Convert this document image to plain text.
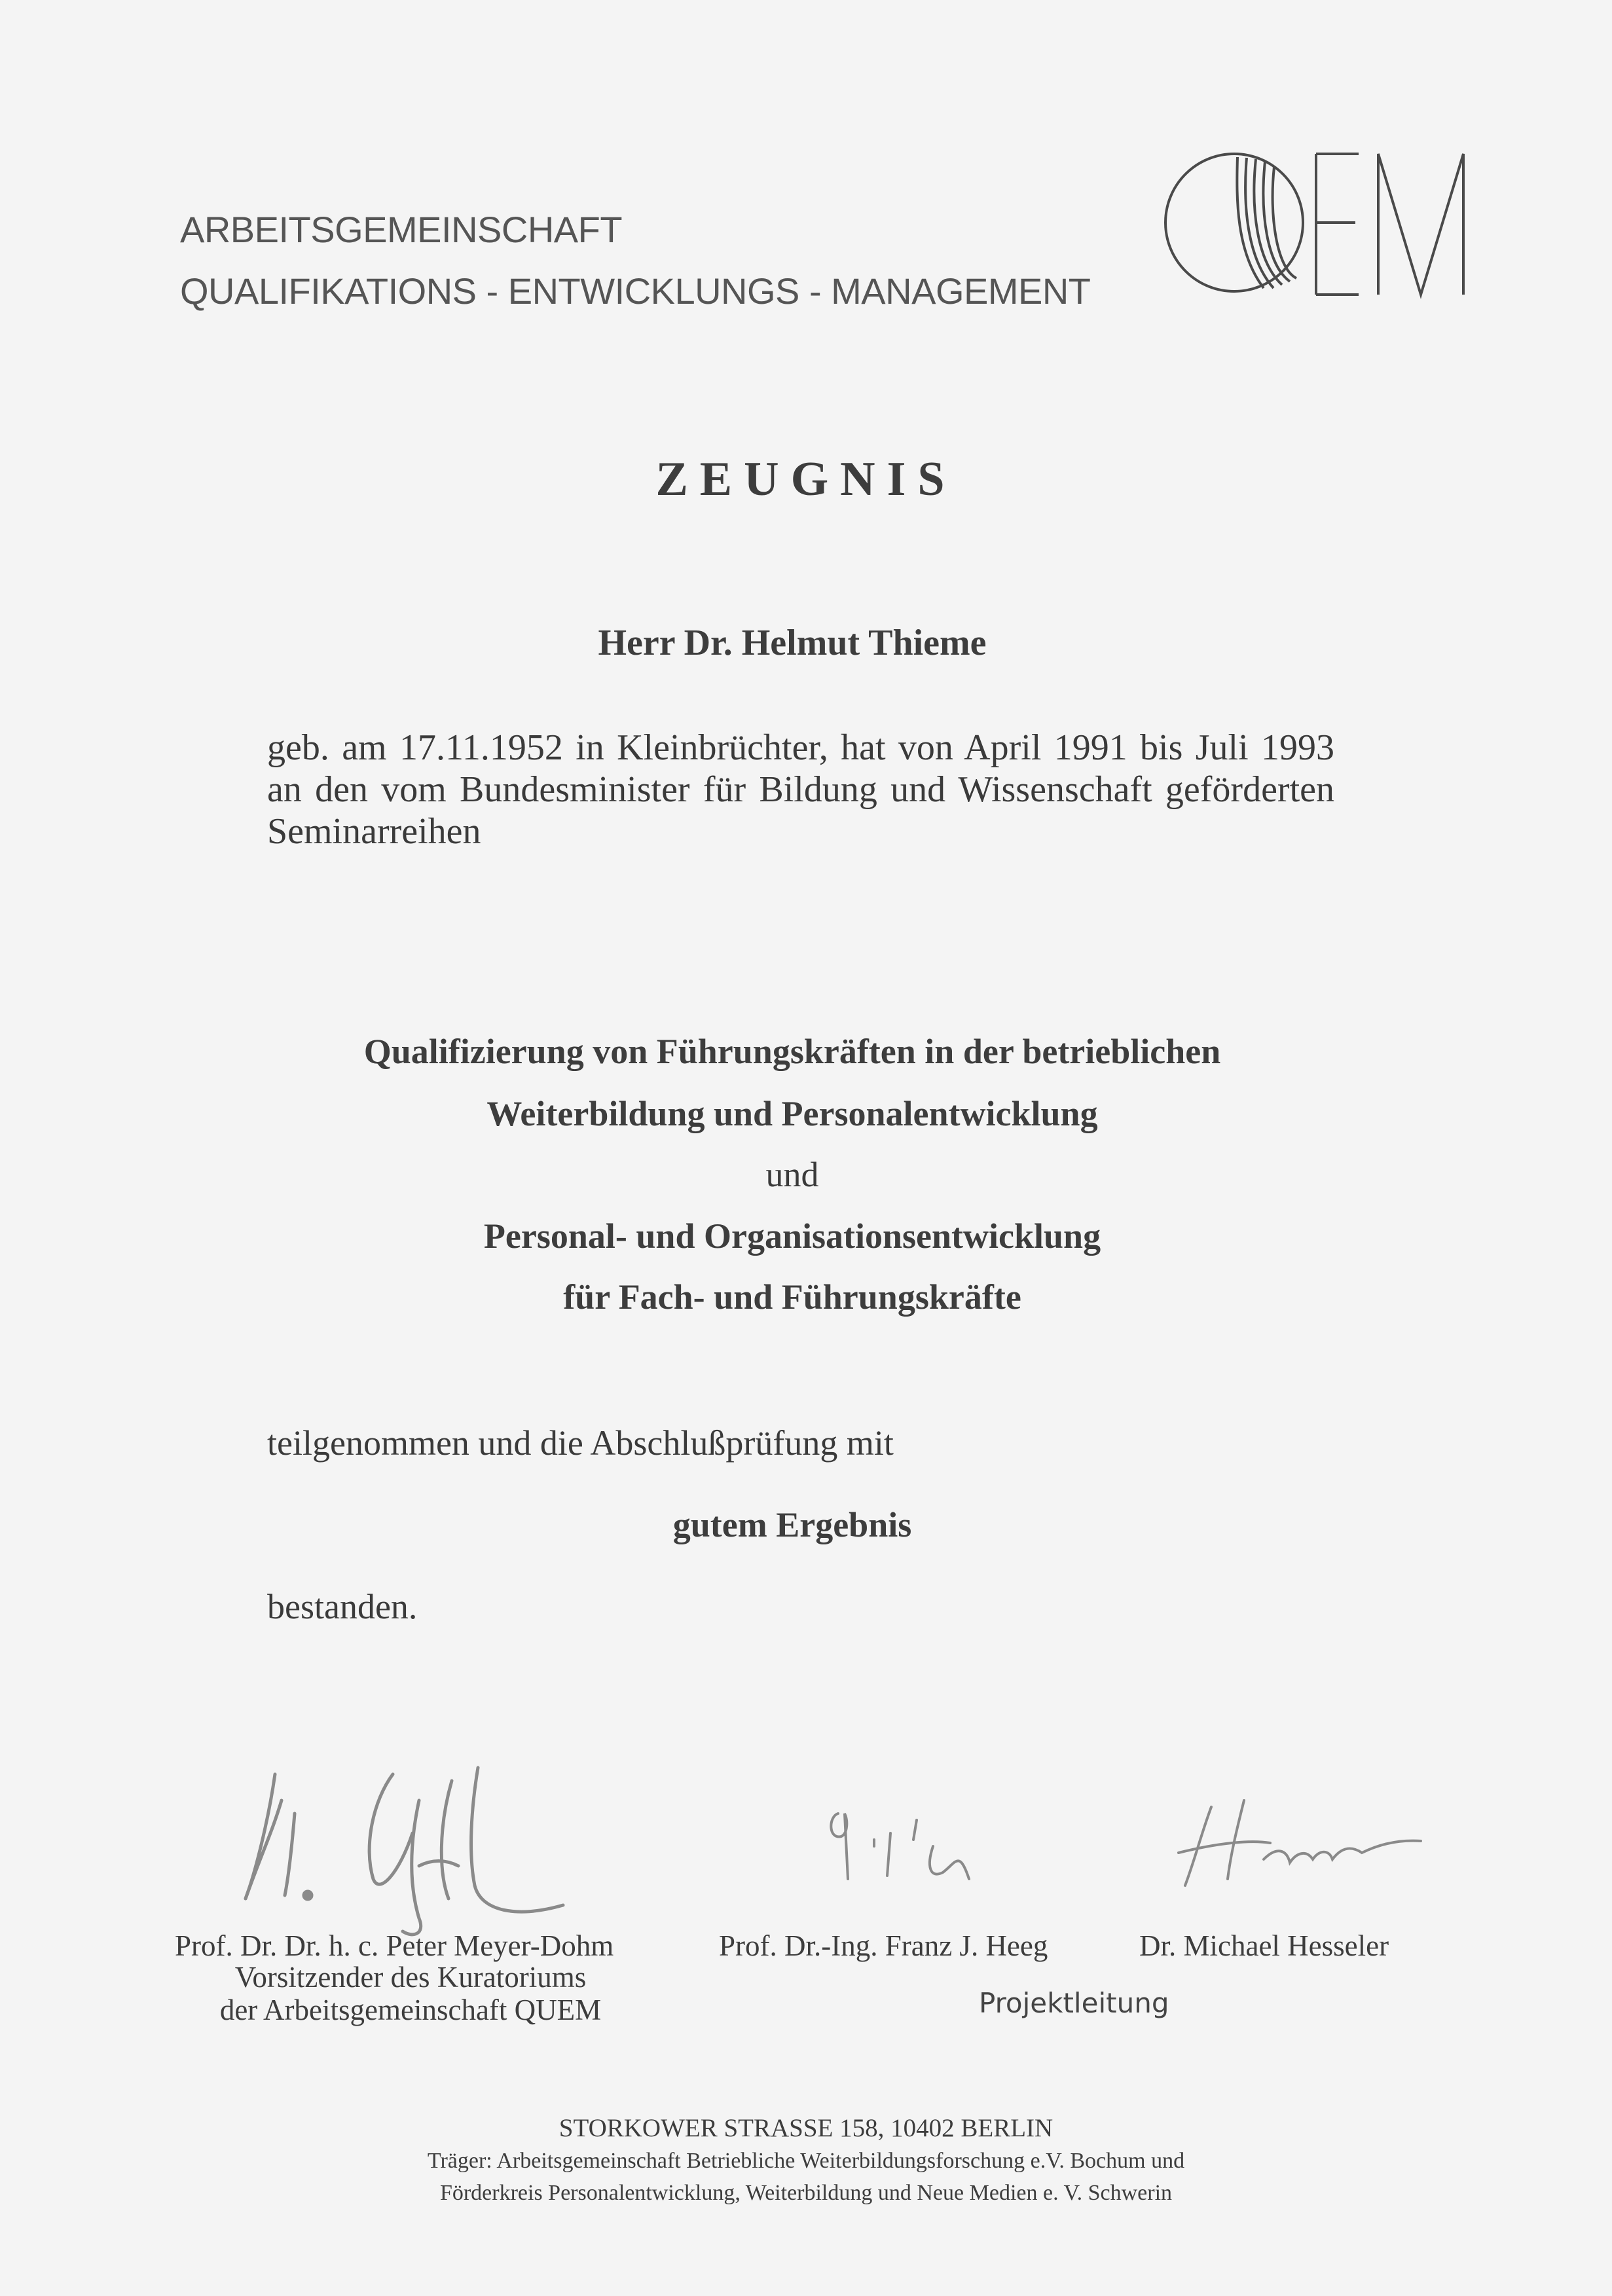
ARBEITSGEMEINSCHAFT
QUALIFIKATIONS - ENTWICKLUNGS - MANAGEMENT
ZEUGNIS
Herr Dr. Helmut Thieme
geb. am 17.11.1952 in Kleinbrüchter, hat von April 1991 bis Juli 1993 an den vom Bundesminister für Bildung und Wissenschaft geförderten Seminarreihen
Qualifizierung von Führungskräften in der betrieblichen
Weiterbildung und Personalentwicklung
und
Personal- und Organisationsentwicklung
für Fach- und Führungskräfte
teilgenommen und die Abschlußprüfung mit
gutem Ergebnis
bestanden.
Prof. Dr. Dr. h. c. Peter Meyer-Dohm
Vorsitzender des Kuratoriums
der Arbeitsgemeinschaft QUEM
Prof. Dr.-Ing. Franz J. Heeg	Dr. Michael Hesseler
Projektleitung
STORKOWER STRASSE 158, 10402 BERLIN
Träger: Arbeitsgemeinschaft Betriebliche Weiterbildungsforschung e.V. Bochum und
Förderkreis Personalentwicklung, Weiterbildung und Neue Medien e. V. Schwerin
